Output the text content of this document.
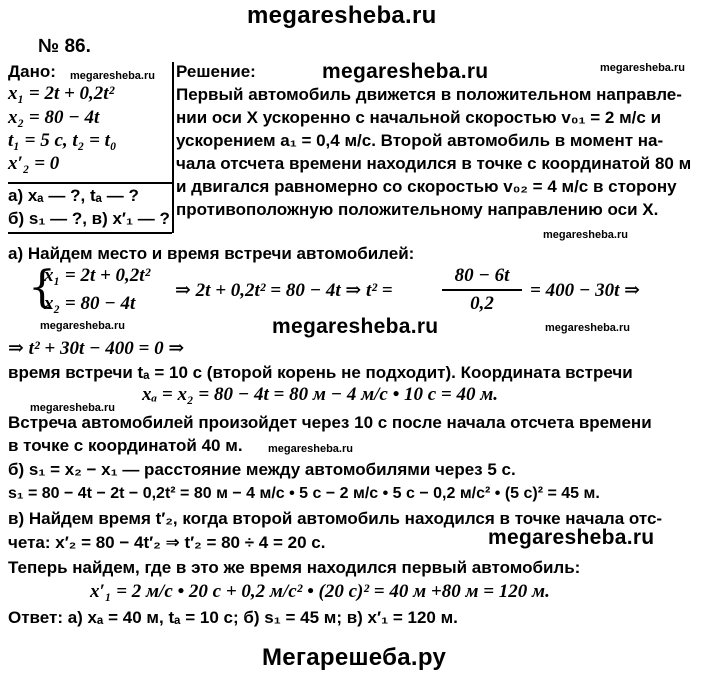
megaresheba.ru
№ 86.
Дано: megaresheba.ru
x₁ = 2t + 0,2t²
x₂ = 80 − 4t
t₁ = 5 с, t₂ = t₀
x′₂ = 0
а) xₐ — ?, tₐ — ?
б) s₁ — ?, в) x′₁ — ?
Решение:	megaresheba.ru	megaresheba.ru
Первый автомобиль движется в положительном направле-
нии оси X ускоренно с начальной скоростью v₀₁ = 2 м/с и
ускорением a₁ = 0,4 м/с. Второй автомобиль в момент на-
чала отсчета времени находился в точке с координатой 80 м
и двигался равномерно со скоростью v₀₂ = 4 м/с в сторону
противоположную положительному направлению оси X.
megaresheba.ru
а) Найдем место и время встречи автомобилей:
{
x₁ = 2t + 0,2t²
x₂ = 80 − 4t
⇒ 2t + 0,2t² = 80 − 4t ⇒ t² =
80 − 6t
0,2
= 400 − 30t ⇒
megaresheba.ru	megaresheba.ru	megaresheba.ru
⇒ t² + 30t − 400 = 0 ⇒
время встречи tₐ = 10 с (второй корень не подходит). Координата встречи
xₐ = x₂ = 80 − 4t = 80 м − 4 м/с • 10 с = 40 м.
megaresheba.ru
Встреча автомобилей произойдет через 10 с после начала отсчета времени
в точке с координатой 40 м. megaresheba.ru
б) s₁ = x₂ − x₁ — расстояние между автомобилями через 5 с.
s₁ = 80 − 4t − 2t − 0,2t² = 80 м − 4 м/с • 5 с − 2 м/с • 5 с − 0,2 м/с² • (5 с)² = 45 м.
в) Найдем время t′₂, когда второй автомобиль находился в точке начала отс-
чета: x′₂ = 80 − 4t′₂ ⇒ t′₂ = 80 ÷ 4 = 20 с.	megaresheba.ru
Теперь найдем, где в это же время находился первый автомобиль:
x′₁ = 2 м/с • 20 с + 0,2 м/с² • (20 с)² = 40 м +80 м = 120 м.
Ответ: а) xₐ = 40 м, tₐ = 10 с; б) s₁ = 45 м; в) x′₁ = 120 м.
Мегарешеба.ру
